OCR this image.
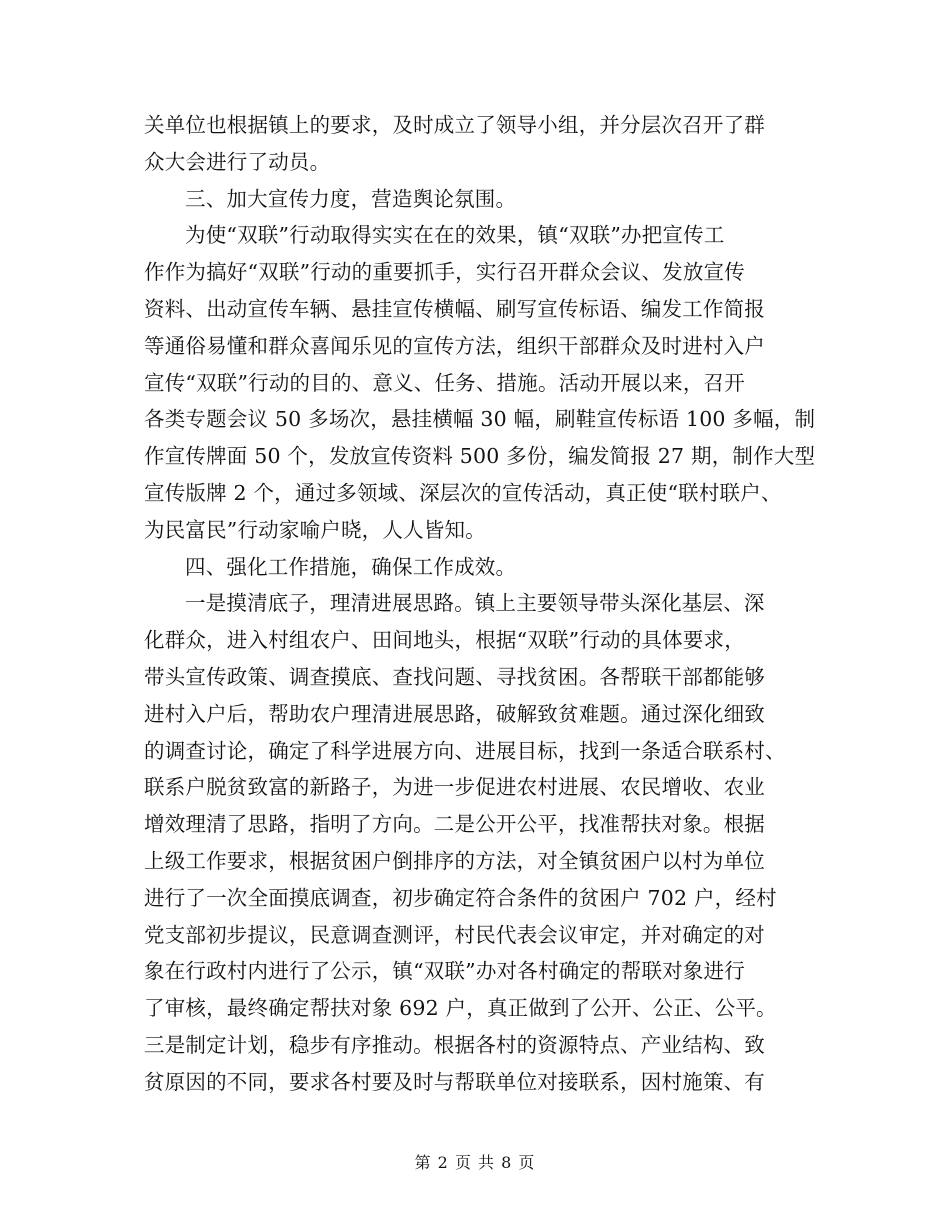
关单位也根据镇上的要求，及时成立了领导小组，并分层次召开了群
众大会进行了动员。
三、加大宣传力度，营造舆论氛围。
为使“双联”行动取得实实在在的效果，镇“双联”办把宣传工
作作为搞好“双联”行动的重要抓手，实行召开群众会议、发放宣传
资料、出动宣传车辆、悬挂宣传横幅、刷写宣传标语、编发工作简报
等通俗易懂和群众喜闻乐见的宣传方法，组织干部群众及时进村入户
宣传“双联”行动的目的、意义、任务、措施。活动开展以来，召开
各类专题会议 50 多场次，悬挂横幅 30 幅，刷鞋宣传标语 100 多幅，制
作宣传牌面 50 个，发放宣传资料 500 多份，编发简报 27 期，制作大型
宣传版牌 2 个，通过多领域、深层次的宣传活动，真正使“联村联户、
为民富民”行动家喻户晓，人人皆知。
四、强化工作措施，确保工作成效。
一是摸清底子，理清进展思路。镇上主要领导带头深化基层、深
化群众，进入村组农户、田间地头，根据“双联”行动的具体要求，
带头宣传政策、调查摸底、查找问题、寻找贫困。各帮联干部都能够
进村入户后，帮助农户理清进展思路，破解致贫难题。通过深化细致
的调查讨论，确定了科学进展方向、进展目标，找到一条适合联系村、
联系户脱贫致富的新路子，为进一步促进农村进展、农民增收、农业
增效理清了思路，指明了方向。二是公开公平，找准帮扶对象。根据
上级工作要求，根据贫困户倒排序的方法，对全镇贫困户以村为单位
进行了一次全面摸底调查，初步确定符合条件的贫困户 702 户，经村
党支部初步提议，民意调查测评，村民代表会议审定，并对确定的对
象在行政村内进行了公示，镇“双联”办对各村确定的帮联对象进行
了审核，最终确定帮扶对象 692 户，真正做到了公开、公正、公平。
三是制定计划，稳步有序推动。根据各村的资源特点、产业结构、致
贫原因的不同，要求各村要及时与帮联单位对接联系，因村施策、有
第 2 页 共 8 页
